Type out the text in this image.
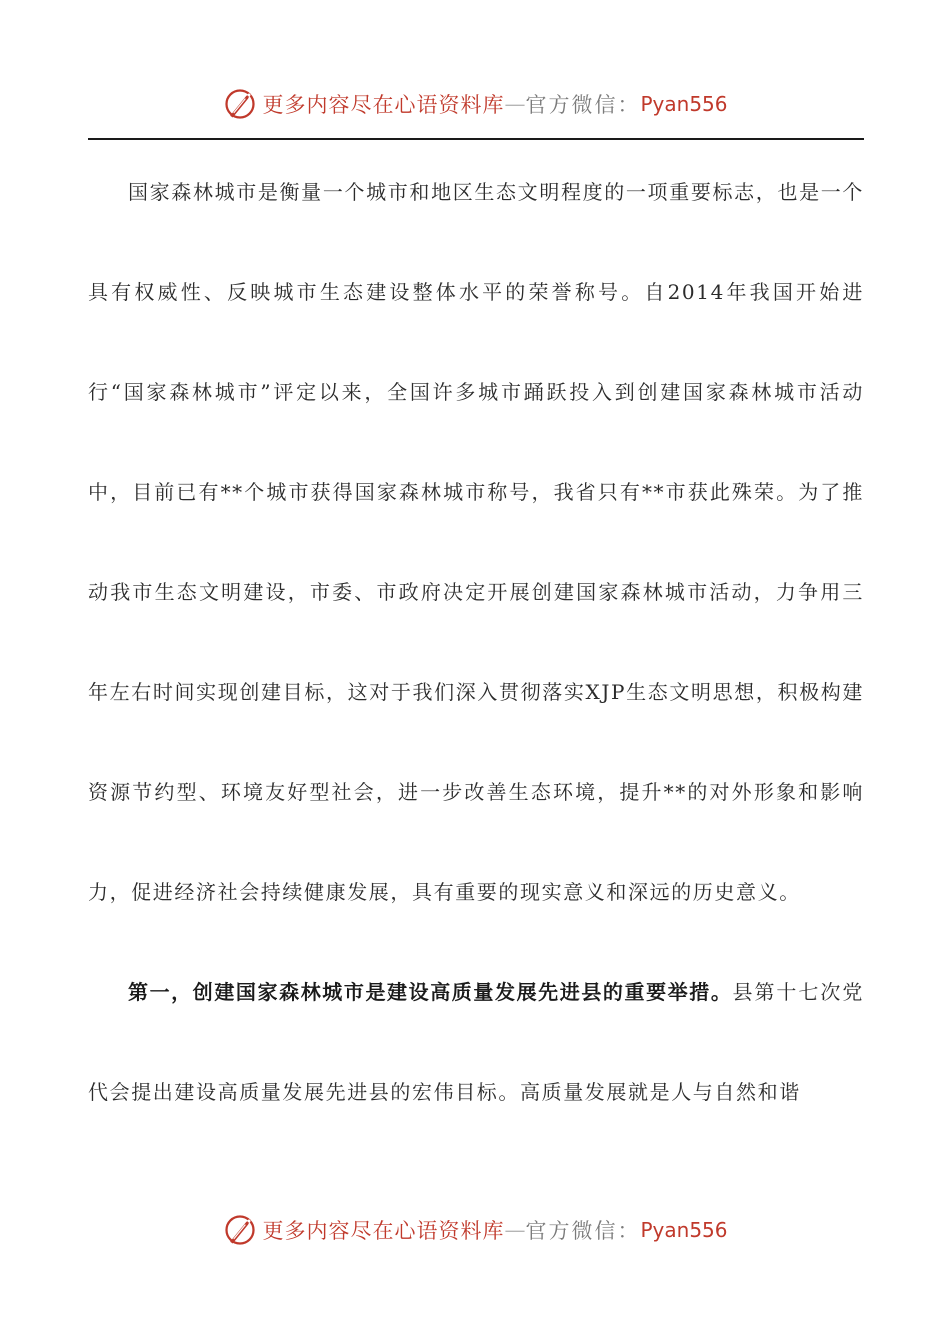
更多内容尽在心语资料库 — 官方微信： Pyan556

国家森林城市是衡量一个城市和地区生态文明程度的一项重要标志，也是一个具有权威性、反映城市生态建设整体水平的荣誉称号。自2014年我国开始进行“国家森林城市”评定以来，全国许多城市踊跃投入到创建国家森林城市活动中，目前已有**个城市获得国家森林城市称号，我省只有**市获此殊荣。为了推动我市生态文明建设，市委、市政府决定开展创建国家森林城市活动，力争用三年左右时间实现创建目标，这对于我们深入贯彻落实XJP生态文明思想，积极构建资源节约型、环境友好型社会，进一步改善生态环境，提升**的对外形象和影响力，促进经济社会持续健康发展，具有重要的现实意义和深远的历史意义。

第一，创建国家森林城市是建设高质量发展先进县的重要举措。县第十七次党代会提出建设高质量发展先进县的宏伟目标。高质量发展就是人与自然和谐

更多内容尽在心语资料库 — 官方微信： Pyan556
